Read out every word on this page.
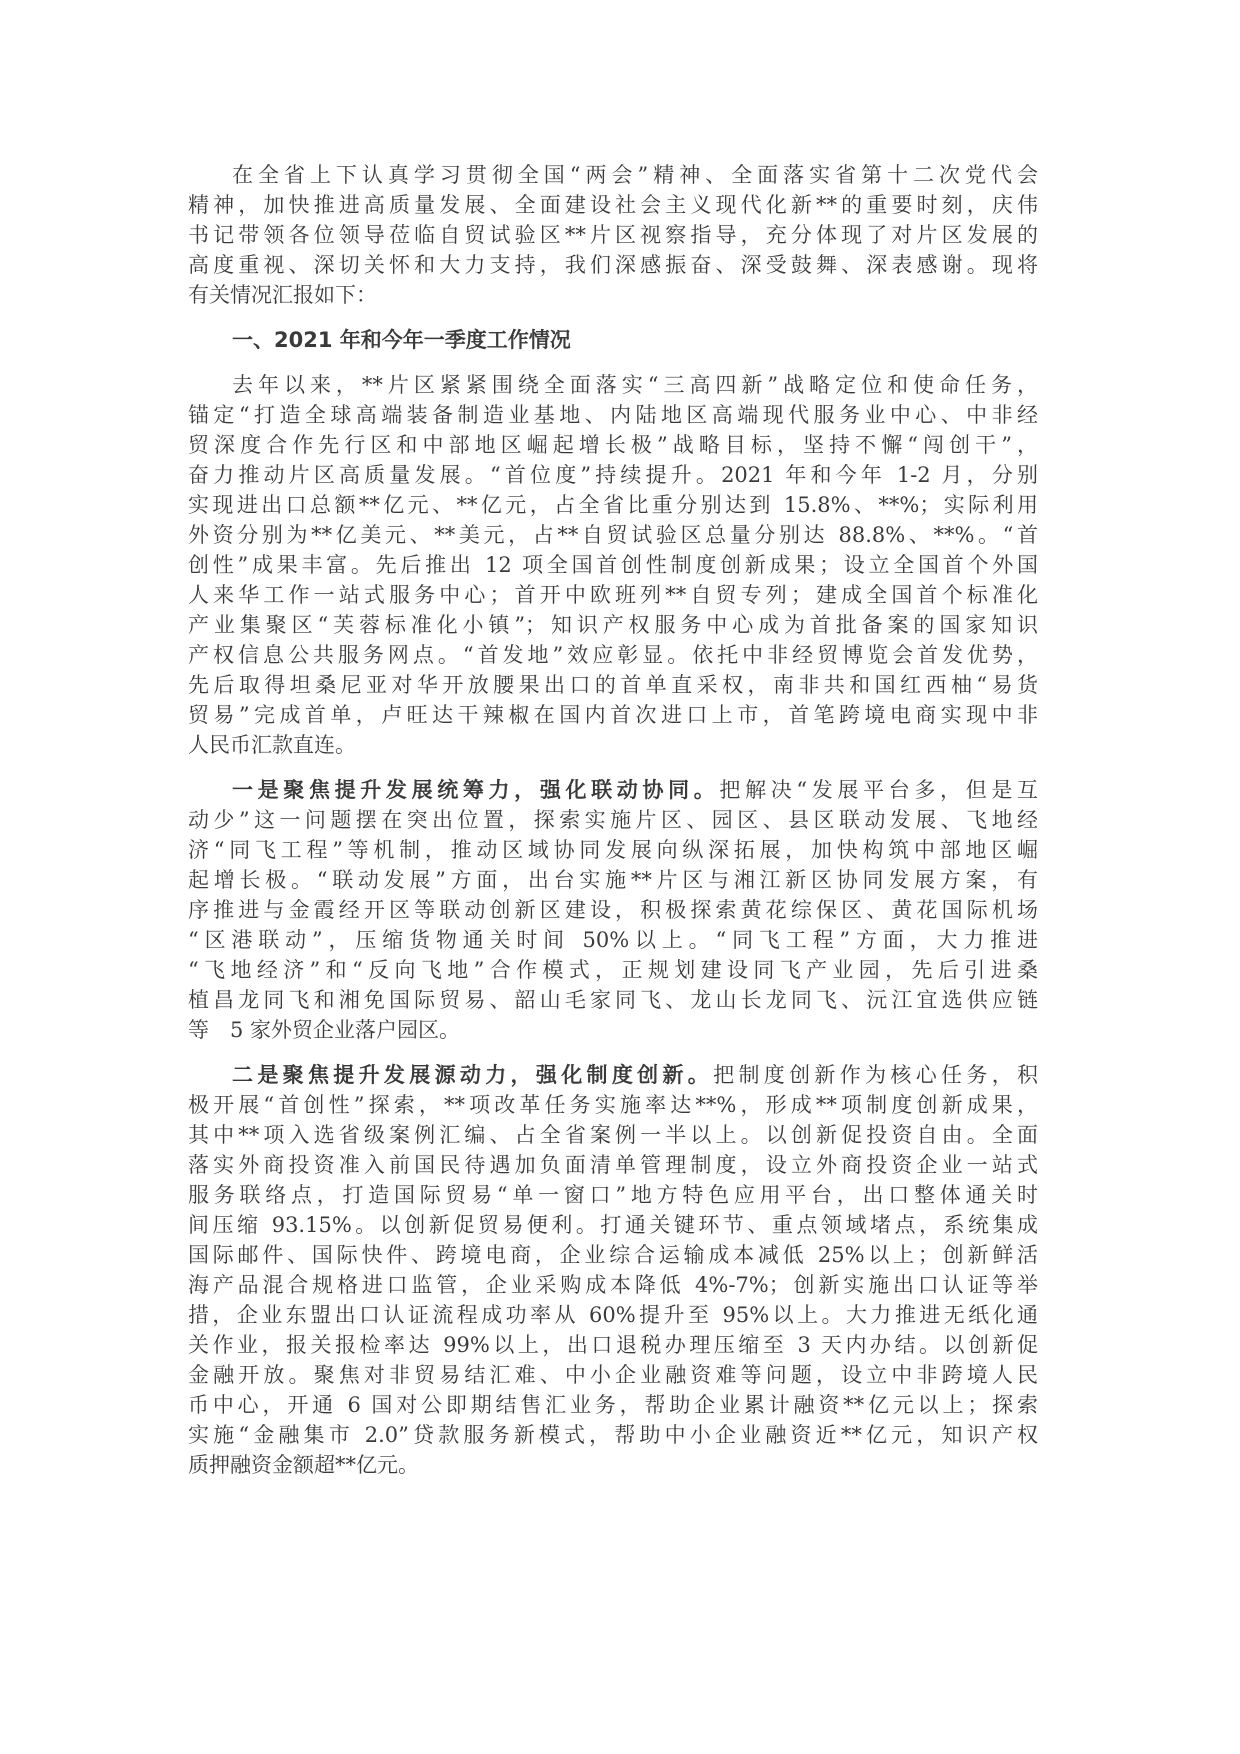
在全省上下认真学习贯彻全国“两会”精神、全面落实省第十二次党代会
精神，加快推进高质量发展、全面建设社会主义现代化新**的重要时刻，庆伟
书记带领各位领导莅临自贸试验区**片区视察指导，充分体现了对片区发展的
高度重视、深切关怀和大力支持，我们深感振奋、深受鼓舞、深表感谢。现将
有关情况汇报如下：
一、2021 年和今年一季度工作情况
去年以来，**片区紧紧围绕全面落实“三高四新”战略定位和使命任务，
锚定“打造全球高端装备制造业基地、内陆地区高端现代服务业中心、中非经
贸深度合作先行区和中部地区崛起增长极”战略目标，坚持不懈“闯创干”，
奋力推动片区高质量发展。“首位度”持续提升。2021 年和今年 1-2 月，分别
实现进出口总额**亿元、**亿元，占全省比重分别达到 15.8%、**%；实际利用
外资分别为**亿美元、**美元，占**自贸试验区总量分别达 88.8%、**%。“首
创性”成果丰富。先后推出 12 项全国首创性制度创新成果；设立全国首个外国
人来华工作一站式服务中心；首开中欧班列**自贸专列；建成全国首个标准化
产业集聚区“芙蓉标准化小镇”；知识产权服务中心成为首批备案的国家知识
产权信息公共服务网点。“首发地”效应彰显。依托中非经贸博览会首发优势，
先后取得坦桑尼亚对华开放腰果出口的首单直采权，南非共和国红西柚“易货
贸易”完成首单，卢旺达干辣椒在国内首次进口上市，首笔跨境电商实现中非
人民币汇款直连。
一是聚焦提升发展统筹力，强化联动协同。把解决“发展平台多，但是互
动少”这一问题摆在突出位置，探索实施片区、园区、县区联动发展、飞地经
济“同飞工程”等机制，推动区域协同发展向纵深拓展，加快构筑中部地区崛
起增长极。“联动发展”方面，出台实施**片区与湘江新区协同发展方案，有
序推进与金霞经开区等联动创新区建设，积极探索黄花综保区、黄花国际机场
“区港联动”，压缩货物通关时间 50%以上。“同飞工程”方面，大力推进
“飞地经济”和“反向飞地”合作模式，正规划建设同飞产业园，先后引进桑
植昌龙同飞和湘免国际贸易、韶山毛家同飞、龙山长龙同飞、沅江宜选供应链
等　5 家外贸企业落户园区。
二是聚焦提升发展源动力，强化制度创新。把制度创新作为核心任务，积
极开展“首创性”探索，**项改革任务实施率达**%，形成**项制度创新成果，
其中**项入选省级案例汇编、占全省案例一半以上。以创新促投资自由。全面
落实外商投资准入前国民待遇加负面清单管理制度，设立外商投资企业一站式
服务联络点，打造国际贸易“单一窗口”地方特色应用平台，出口整体通关时
间压缩 93.15%。以创新促贸易便利。打通关键环节、重点领域堵点，系统集成
国际邮件、国际快件、跨境电商，企业综合运输成本减低 25%以上；创新鲜活
海产品混合规格进口监管，企业采购成本降低 4%-7%；创新实施出口认证等举
措，企业东盟出口认证流程成功率从 60%提升至 95%以上。大力推进无纸化通
关作业，报关报检率达 99%以上，出口退税办理压缩至 3 天内办结。以创新促
金融开放。聚焦对非贸易结汇难、中小企业融资难等问题，设立中非跨境人民
币中心，开通 6 国对公即期结售汇业务，帮助企业累计融资**亿元以上；探索
实施“金融集市 2.0”贷款服务新模式，帮助中小企业融资近**亿元，知识产权
质押融资金额超**亿元。
